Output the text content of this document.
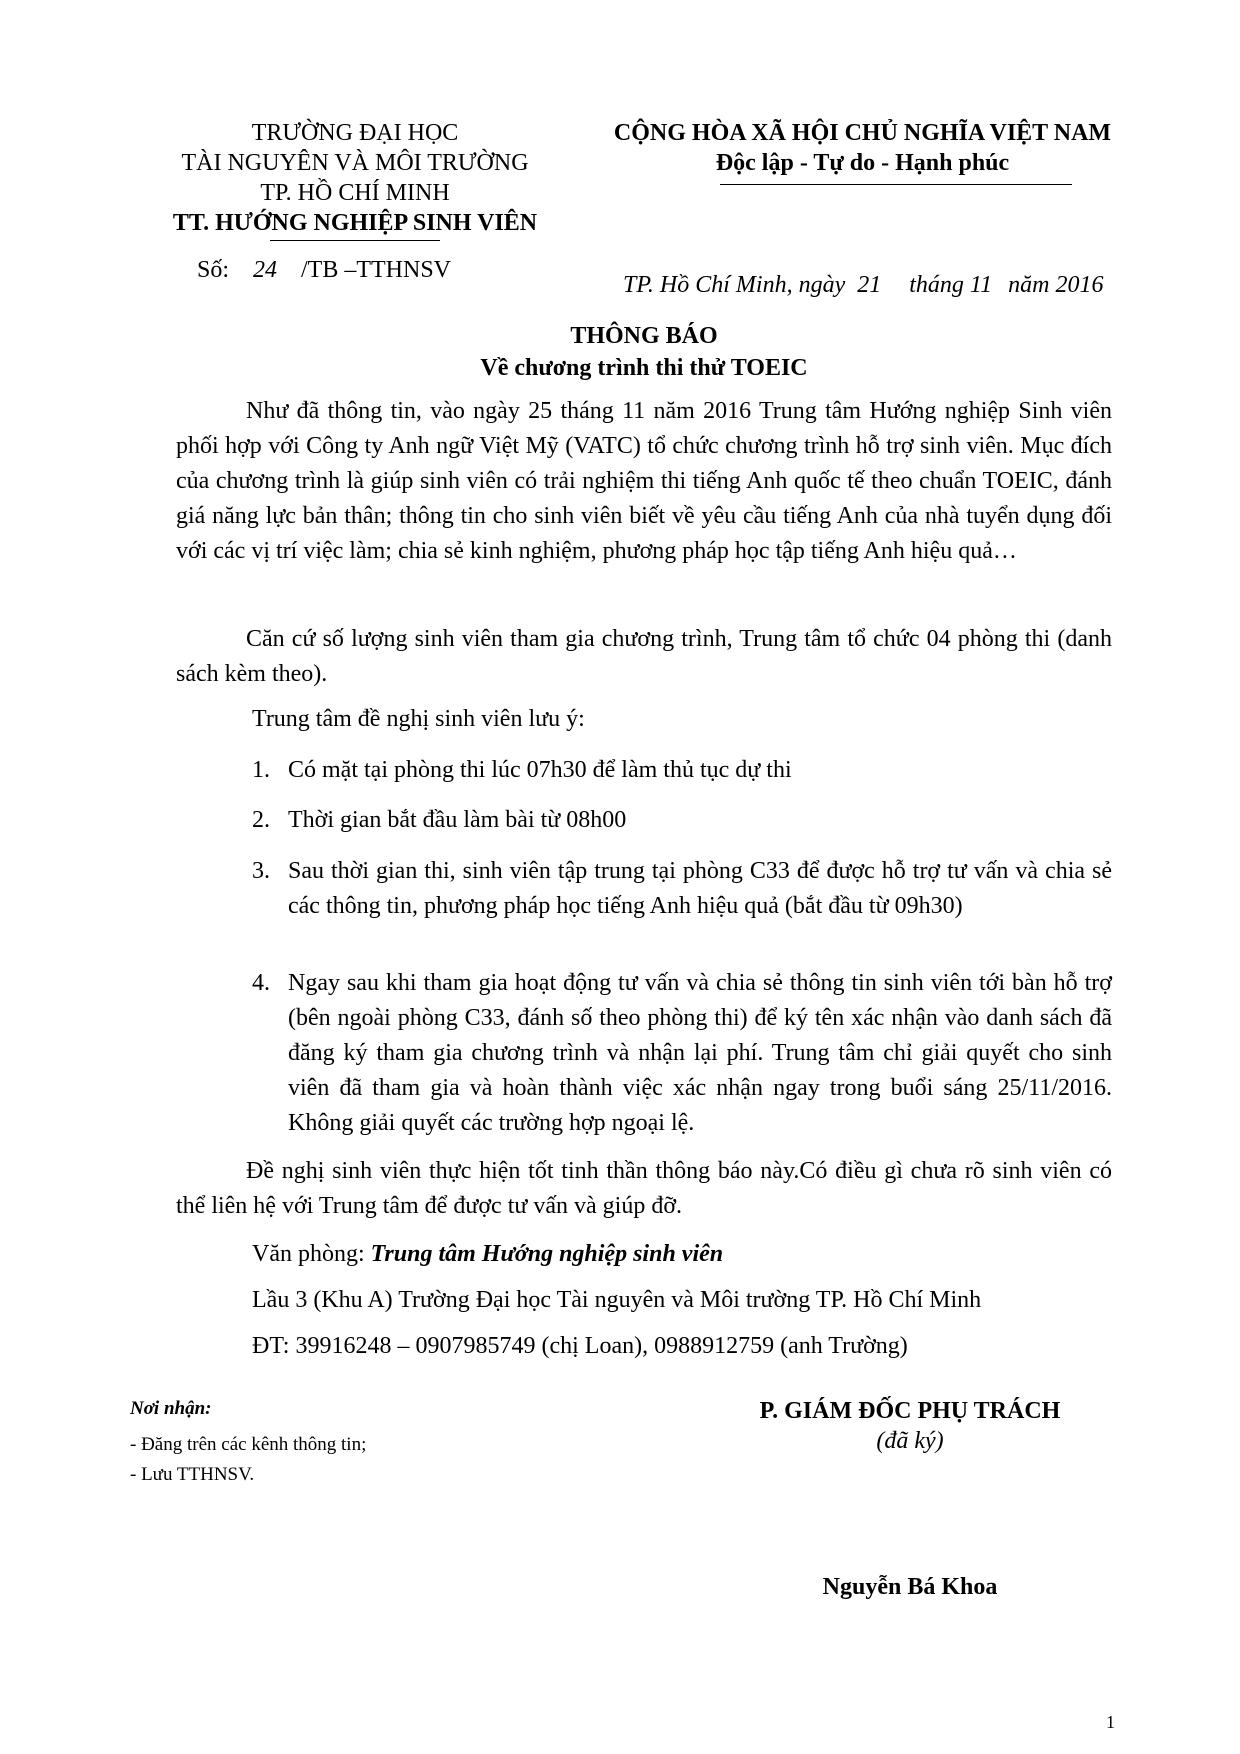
TRƯỜNG ĐẠI HỌC
TÀI NGUYÊN VÀ MÔI TRƯỜNG
TP. HỒ CHÍ MINH
TT. HƯỚNG NGHIỆP SINH VIÊN
Số: 24 /TB –TTHNSV
CỘNG HÒA XÃ HỘI CHỦ NGHĨA VIỆT NAM
Độc lập - Tự do - Hạnh phúc
TP. Hồ Chí Minh, ngày 21 tháng 11 năm 2016
THÔNG BÁO
Về chương trình thi thử TOEIC
Như đã thông tin, vào ngày 25 tháng 11 năm 2016 Trung tâm Hướng nghiệp Sinh viên phối hợp với Công ty Anh ngữ Việt Mỹ (VATC) tổ chức chương trình hỗ trợ sinh viên. Mục đích của chương trình là giúp sinh viên có trải nghiệm thi tiếng Anh quốc tế theo chuẩn TOEIC, đánh giá năng lực bản thân; thông tin cho sinh viên biết về yêu cầu tiếng Anh của nhà tuyển dụng đối với các vị trí việc làm; chia sẻ kinh nghiệm, phương pháp học tập tiếng Anh hiệu quả…
Căn cứ số lượng sinh viên tham gia chương trình, Trung tâm tổ chức 04 phòng thi (danh sách kèm theo).
Trung tâm đề nghị sinh viên lưu ý:
1. Có mặt tại phòng thi lúc 07h30 để làm thủ tục dự thi
2. Thời gian bắt đầu làm bài từ 08h00
3. Sau thời gian thi, sinh viên tập trung tại phòng C33 để được hỗ trợ tư vấn và chia sẻ các thông tin, phương pháp học tiếng Anh hiệu quả (bắt đầu từ 09h30)
4. Ngay sau khi tham gia hoạt động tư vấn và chia sẻ thông tin sinh viên tới bàn hỗ trợ (bên ngoài phòng C33, đánh số theo phòng thi) để ký tên xác nhận vào danh sách đã đăng ký tham gia chương trình và nhận lại phí. Trung tâm chỉ giải quyết cho sinh viên đã tham gia và hoàn thành việc xác nhận ngay trong buổi sáng 25/11/2016. Không giải quyết các trường hợp ngoại lệ.
Đề nghị sinh viên thực hiện tốt tinh thần thông báo này.Có điều gì chưa rõ sinh viên có thể liên hệ với Trung tâm để được tư vấn và giúp đỡ.
Văn phòng: Trung tâm Hướng nghiệp sinh viên
Lầu 3 (Khu A) Trường Đại học Tài nguyên và Môi trường TP. Hồ Chí Minh
ĐT: 39916248 – 0907985749 (chị Loan), 0988912759 (anh Trường)
Nơi nhận:
- Đăng trên các kênh thông tin;
- Lưu TTHNSV.
P. GIÁM ĐỐC PHỤ TRÁCH
(đã ký)
Nguyễn Bá Khoa
1
